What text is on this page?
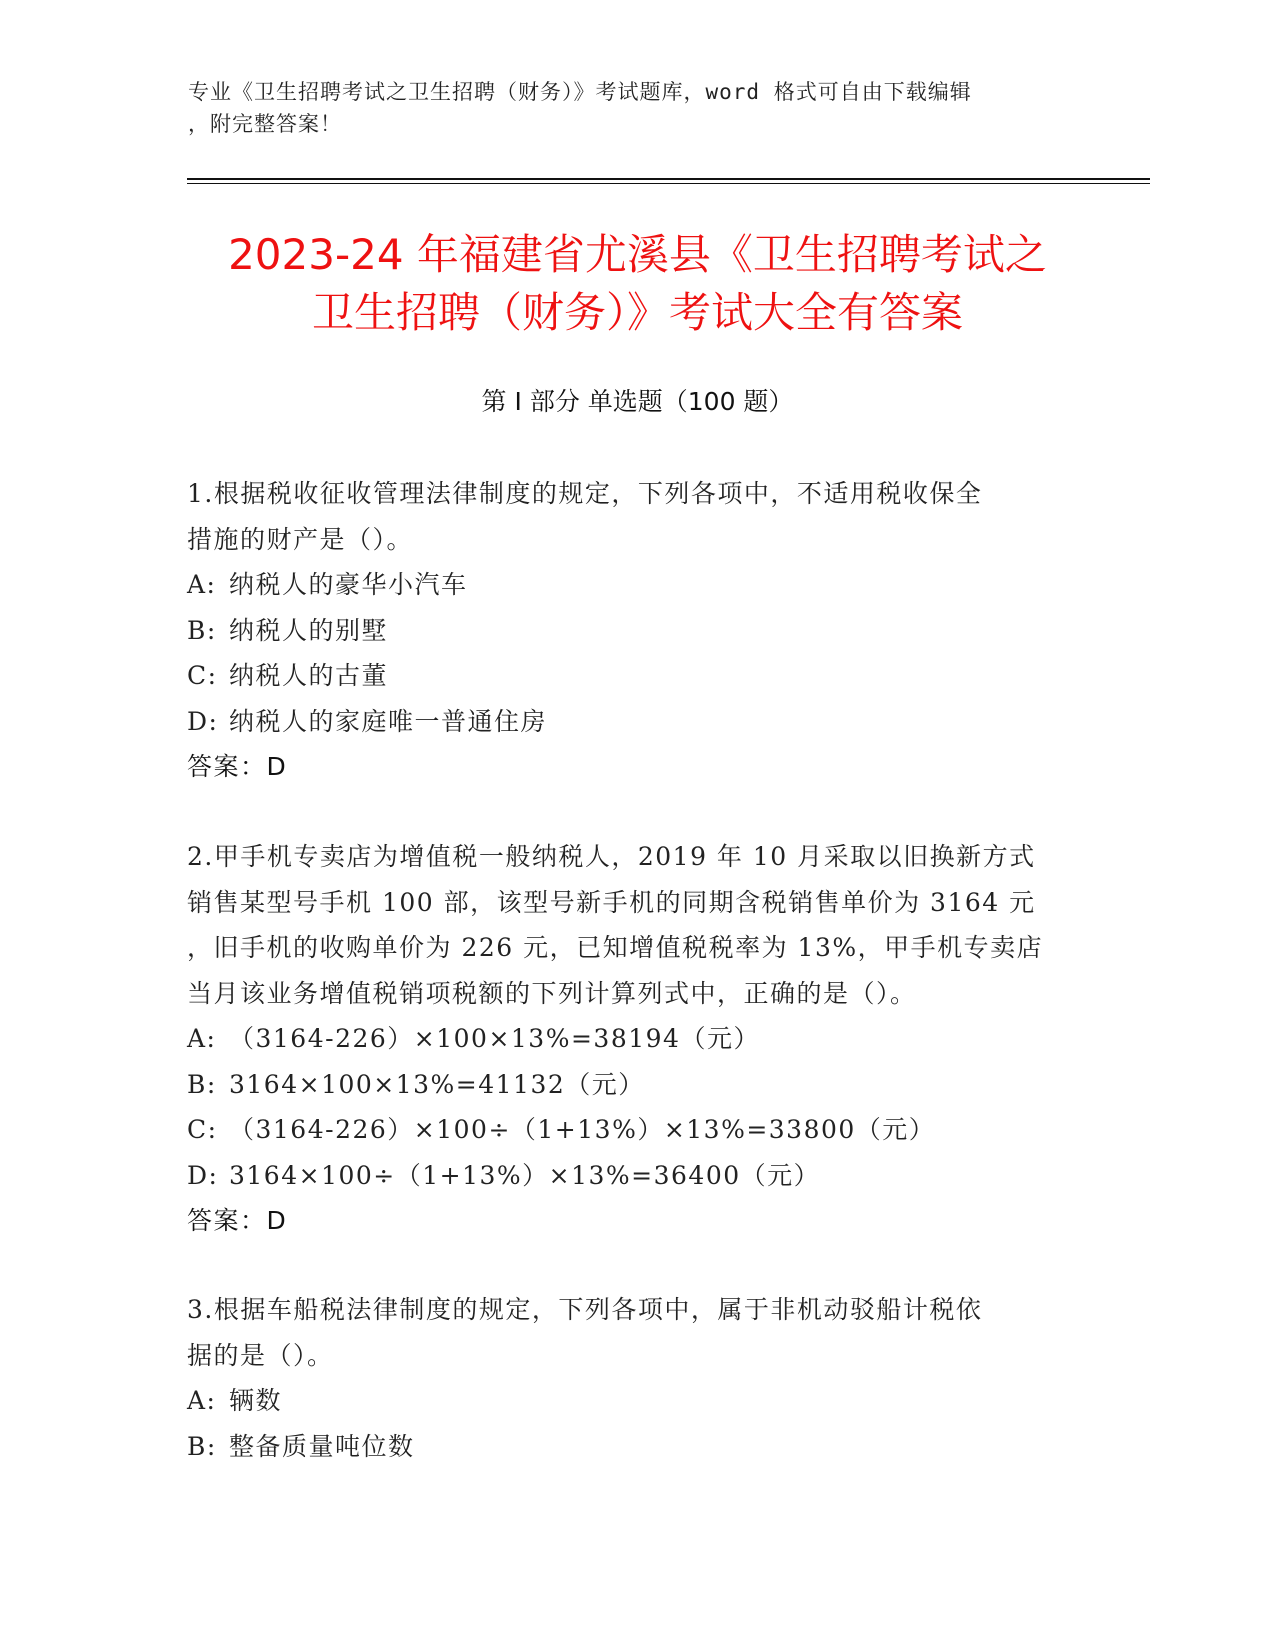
专业《卫生招聘考试之卫生招聘（财务）》考试题库，word 格式可自由下载编辑
，附完整答案！
2023-24 年福建省尤溪县《卫生招聘考试之
卫生招聘（财务）》考试大全有答案
第 I 部分 单选题（100 题）
1.根据税收征收管理法律制度的规定，下列各项中，不适用税收保全
措施的财产是（）。
A: 纳税人的豪华小汽车
B: 纳税人的别墅
C: 纳税人的古董
D: 纳税人的家庭唯一普通住房
答案：D
2.甲手机专卖店为增值税一般纳税人，2019 年 10 月采取以旧换新方式
销售某型号手机 100 部，该型号新手机的同期含税销售单价为 3164 元
，旧手机的收购单价为 226 元，已知增值税税率为 13%，甲手机专卖店
当月该业务增值税销项税额的下列计算列式中，正确的是（）。
A: （3164-226）×100×13%=38194（元）
B: 3164×100×13%=41132（元）
C: （3164-226）×100÷（1+13%）×13%=33800（元）
D: 3164×100÷（1+13%）×13%=36400（元）
答案：D
3.根据车船税法律制度的规定，下列各项中，属于非机动驳船计税依
据的是（）。
A: 辆数
B: 整备质量吨位数
